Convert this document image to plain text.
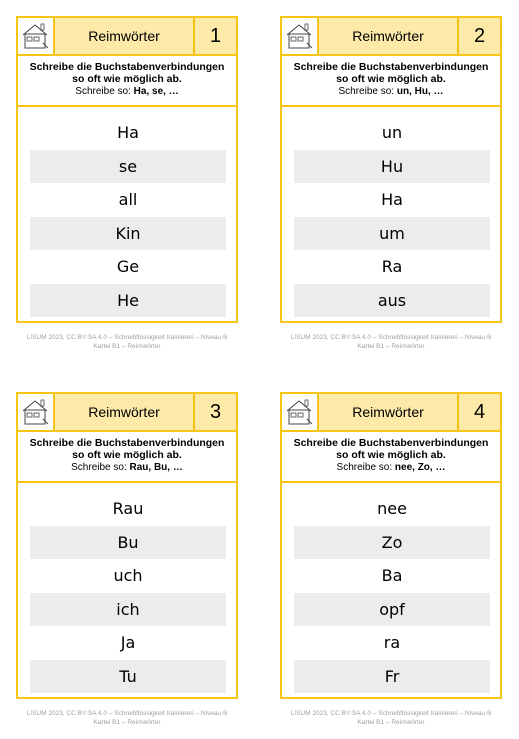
Reimwörter	1
Schreibe die Buchstabenverbindungen so oft wie möglich ab.
Schreibe so: Ha, se, …
Ha
se
all
Kin
Ge
He
LISUM 2023, CC BY-SA 4.0 – Schreibflüssigkeit trainieren – Niveau B
Kartei B1 – Reimwörter
Reimwörter	2
Schreibe die Buchstabenverbindungen so oft wie möglich ab.
Schreibe so: un, Hu, …
un
Hu
Ha
um
Ra
aus
LISUM 2023, CC BY-SA 4.0 – Schreibflüssigkeit trainieren – Niveau B
Kartei B1 – Reimwörter
Reimwörter	3
Schreibe die Buchstabenverbindungen so oft wie möglich ab.
Schreibe so: Rau, Bu, …
Rau
Bu
uch
ich
Ja
Tu
LISUM 2023, CC BY-SA 4.0 – Schreibflüssigkeit trainieren – Niveau B
Kartei B1 – Reimwörter
Reimwörter	4
Schreibe die Buchstabenverbindungen so oft wie möglich ab.
Schreibe so: nee, Zo, …
nee
Zo
Ba
opf
ra
Fr
LISUM 2023, CC BY-SA 4.0 – Schreibflüssigkeit trainieren – Niveau B
Kartei B1 – Reimwörter
